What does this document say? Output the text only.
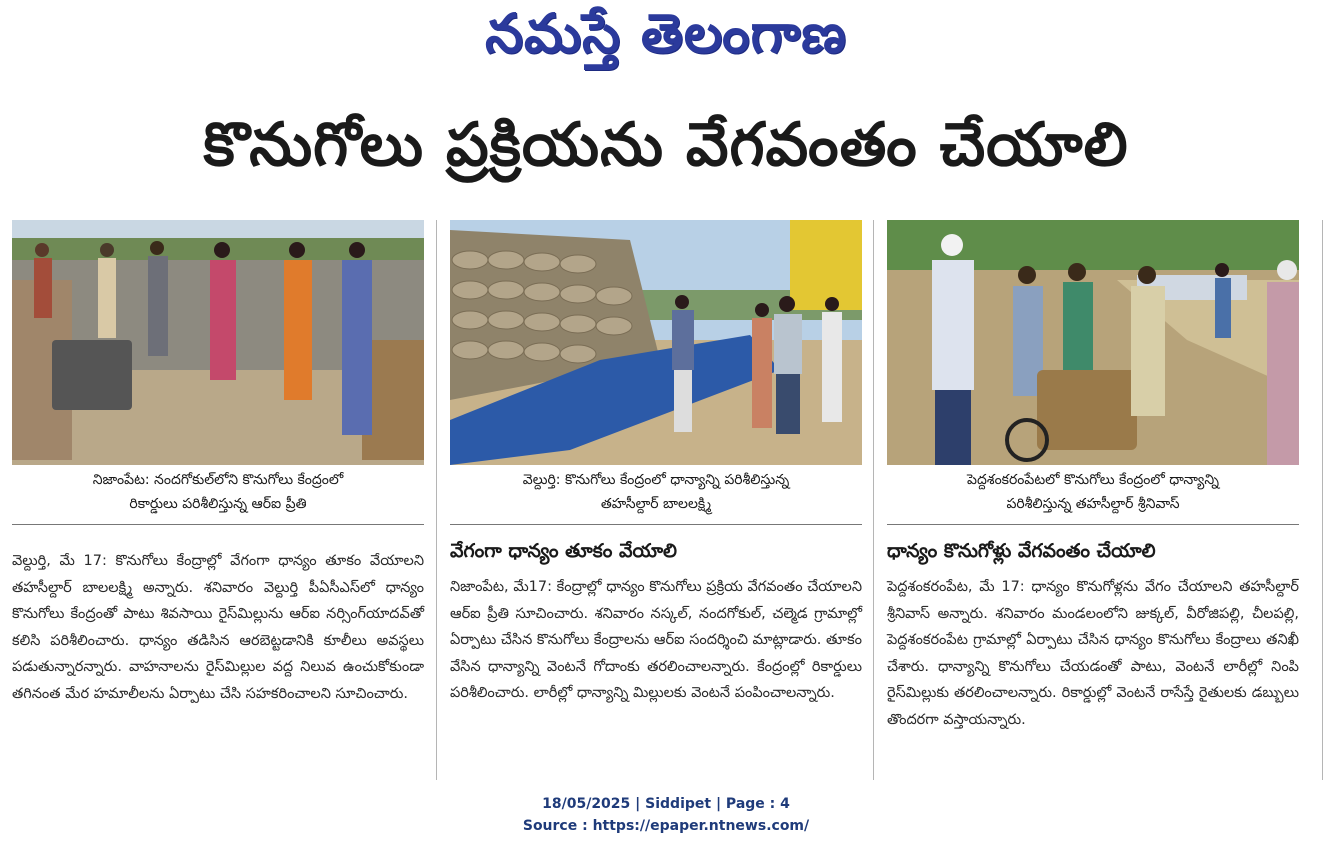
నమస్తే తెలంగాణ
కొనుగోలు ప్రక్రియను వేగవంతం చేయాలి
నిజాంపేట: నందగోకుల్‌లోని కొనుగోలు కేంద్రంలో
రికార్డులు పరిశీలిస్తున్న ఆర్ఐ ప్రీతి
వెల్దుర్తి: కొనుగోలు కేంద్రంలో ధాన్యాన్ని పరిశీలిస్తున్న
తహసీల్దార్ బాలలక్ష్మి
పెద్దశంకరంపేటలో కొనుగోలు కేంద్రంలో ధాన్యాన్ని
పరిశీలిస్తున్న తహసీల్దార్ శ్రీనివాస్
వేగంగా ధాన్యం తూకం వేయాలి	ధాన్యం కొనుగోళ్లు వేగవంతం చేయాలి
వెల్దుర్తి, మే 17: కొనుగోలు కేంద్రాల్లో వేగంగా ధాన్యం తూకం వేయాలని తహసీల్దార్ బాలలక్ష్మి అన్నారు. శనివారం వెల్దుర్తి పీఏసీఎస్‌లో ధాన్యం కొనుగోలు కేంద్రంతో పాటు శివసాయి రైస్‌మిల్లును ఆర్ఐ నర్సింగ్‌యాదవ్‌తో కలిసి పరిశీలించారు. ధాన్యం తడిసిన ఆరబెట్టడానికి కూలీలు అవస్థలు పడుతున్నారన్నారు. వాహనాలను రైస్‌మిల్లుల వద్ద నిలువ ఉంచుకోకుండా తగినంత మేర హమాలీలను ఏర్పాటు చేసి సహకరించాలని సూచించారు.
నిజాంపేట, మే17: కేంద్రాల్లో ధాన్యం కొనుగోలు ప్రక్రియ వేగవంతం చేయాలని ఆర్ఐ ప్రీతి సూచించారు. శనివారం నస్కల్, నందగోకుల్, చల్మెడ గ్రామాల్లో ఏర్పాటు చేసిన కొనుగోలు కేంద్రాలను ఆర్ఐ సందర్శించి మాట్లాడారు. తూకం వేసిన ధాన్యాన్ని వెంటనే గోదాంకు తరలించాలన్నారు. కేంద్రంల్లో రికార్డులు పరిశీలించారు. లారీల్లో ధాన్యాన్ని మిల్లులకు వెంటనే పంపించాలన్నారు.
పెద్దశంకరంపేట, మే 17: ధాన్యం కొనుగోళ్లను వేగం చేయాలని తహసీల్దార్ శ్రీనివాస్ అన్నారు. శనివారం మండలంలోని జుక్కల్, వీరోజిపల్లి, చీలపల్లి, పెద్దశంకరంపేట గ్రామాల్లో ఏర్పాటు చేసిన ధాన్యం కొనుగోలు కేంద్రాలు తనిఖీ చేశారు. ధాన్యాన్ని కొనుగోలు చేయడంతో పాటు, వెంటనే లారీల్లో నింపి రైస్‌మిల్లుకు తరలించాలన్నారు. రికార్డుల్లో వెంటనే రాసేస్తే రైతులకు డబ్బులు తొందరగా వస్తాయన్నారు.
18/05/2025 | Siddipet | Page : 4
Source : https://epaper.ntnews.com/
